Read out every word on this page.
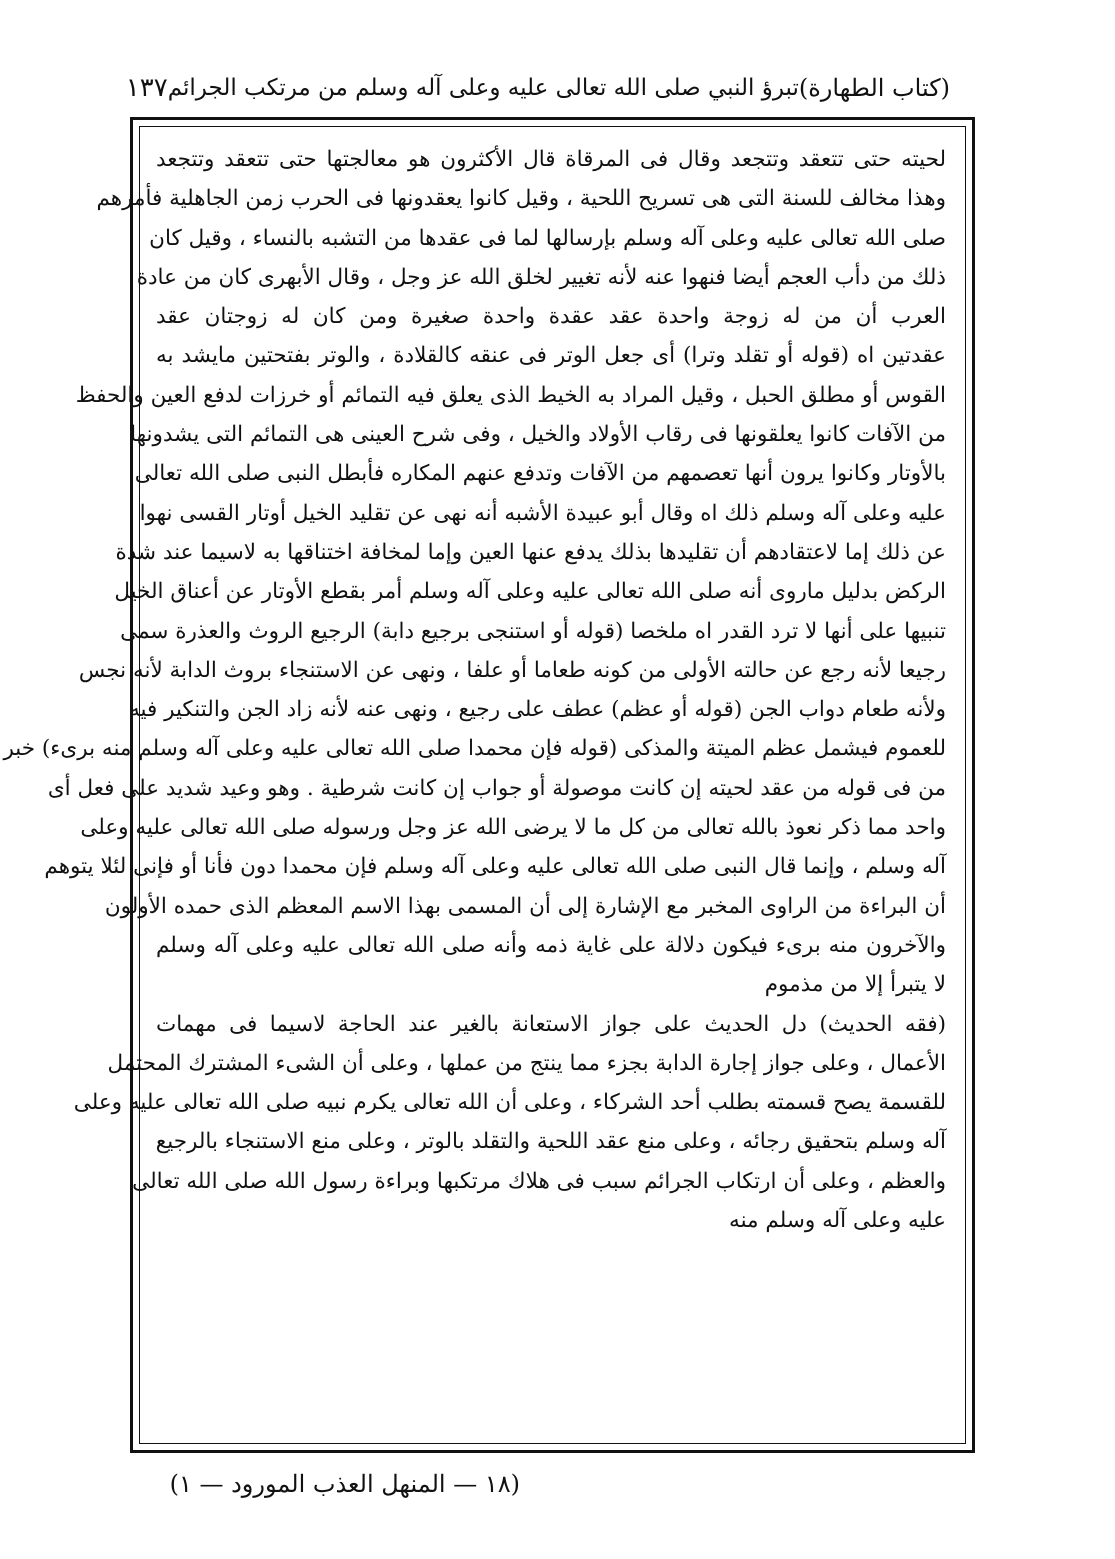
(كتاب الطهارة)
تبرؤ النبي صلى الله تعالى عليه وعلى آله وسلم من مرتكب الجرائم
١٣٧
لحيته حتى تتعقد وتتجعد وقال فى المرقاة قال الأكثرون هو معالجتها حتى تتعقد وتتجعد
وهذا مخالف للسنة التى هى تسريح اللحية ، وقيل كانوا يعقدونها فى الحرب زمن الجاهلية فأمرهم
صلى الله تعالى عليه وعلى آله وسلم بإرسالها لما فى عقدها من التشبه بالنساء ، وقيل كان
ذلك من دأب العجم أيضا فنهوا عنه لأنه تغيير لخلق الله عز وجل ، وقال الأبهرى كان من عادة
العرب أن من له زوجة واحدة عقد عقدة واحدة صغيرة ومن كان له زوجتان عقد
عقدتين اه (قوله أو تقلد وترا) أى جعل الوتر فى عنقه كالقلادة ، والوتر بفتحتين مايشد به
القوس أو مطلق الحبل ، وقيل المراد به الخيط الذى يعلق فيه التمائم أو خرزات لدفع العين والحفظ
من الآفات كانوا يعلقونها فى رقاب الأولاد والخيل ، وفى شرح العينى هى التمائم التى يشدونها
بالأوتار وكانوا يرون أنها تعصمهم من الآفات وتدفع عنهم المكاره فأبطل النبى صلى الله تعالى
عليه وعلى آله وسلم ذلك اه وقال أبو عبيدة الأشبه أنه نهى عن تقليد الخيل أوتار القسى نهوا
عن ذلك إما لاعتقادهم أن تقليدها بذلك يدفع عنها العين وإما لمخافة اختناقها به لاسيما عند شدة
الركض بدليل ماروى أنه صلى الله تعالى عليه وعلى آله وسلم أمر بقطع الأوتار عن أعناق الخيل
تنبيها على أنها لا ترد القدر اه ملخصا (قوله أو استنجى برجيع دابة) الرجيع الروث والعذرة سمى
رجيعا لأنه رجع عن حالته الأولى من كونه طعاما أو علفا ، ونهى عن الاستنجاء بروث الدابة لأنه نجس
ولأنه طعام دواب الجن (قوله أو عظم) عطف على رجيع ، ونهى عنه لأنه زاد الجن والتنكير فيه
للعموم فيشمل عظم الميتة والمذكى (قوله فإن محمدا صلى الله تعالى عليه وعلى آله وسلم منه برىء) خبر
من فى قوله من عقد لحيته إن كانت موصولة أو جواب إن كانت شرطية . وهو وعيد شديد على فعل أى
واحد مما ذكر نعوذ بالله تعالى من كل ما لا يرضى الله عز وجل ورسوله صلى الله تعالى عليه وعلى
آله وسلم ، وإنما قال النبى صلى الله تعالى عليه وعلى آله وسلم فإن محمدا دون فأنا أو فإنى لئلا يتوهم
أن البراءة من الراوى المخبر مع الإشارة إلى أن المسمى بهذا الاسم المعظم الذى حمده الأولون
والآخرون منه برىء فيكون دلالة على غاية ذمه وأنه صلى الله تعالى عليه وعلى آله وسلم
لا يتبرأ إلا من مذموم
(فقه الحديث) دل الحديث على جواز الاستعانة بالغير عند الحاجة لاسيما فى مهمات
الأعمال ، وعلى جواز إجارة الدابة بجزء مما ينتج من عملها ، وعلى أن الشىء المشترك المحتمل
للقسمة يصح قسمته بطلب أحد الشركاء ، وعلى أن الله تعالى يكرم نبيه صلى الله تعالى عليه وعلى
آله وسلم بتحقيق رجائه ، وعلى منع عقد اللحية والتقلد بالوتر ، وعلى منع الاستنجاء بالرجيع
والعظم ، وعلى أن ارتكاب الجرائم سبب فى هلاك مرتكبها وبراءة رسول الله صلى الله تعالى
عليه وعلى آله وسلم منه
(١٨ — المنهل العذب المورود — ١)
